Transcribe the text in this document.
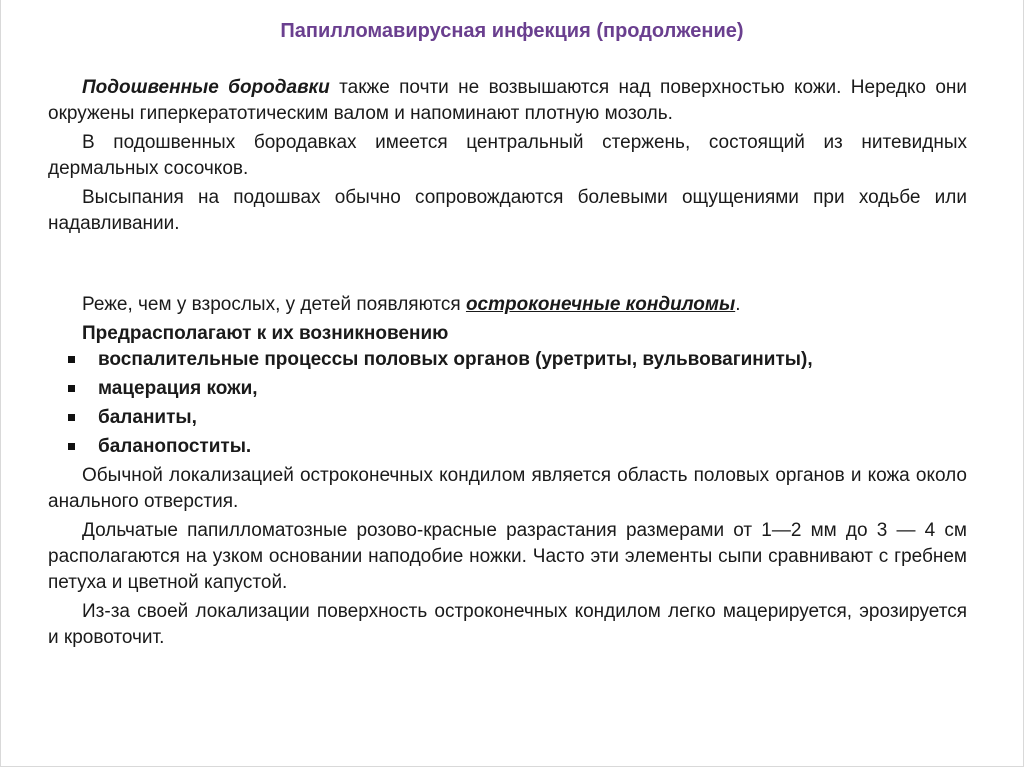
Папилломавирусная инфекция (продолжение)

Подошвенные бородавки также почти не возвышаются над поверхностью кожи. Нередко они окружены гиперкератотическим валом и напоминают плотную мозоль.

В подошвенных бородавках имеется центральный стержень, состоящий из нитевидных дермальных сосочков.

Высыпания на подошвах обычно сопровождаются болевыми ощущениями при ходьбе или надавливании.

Реже, чем у взрослых, у детей появляются остроконечные кондиломы.

Предрасполагают к их возникновению

воспалительные процессы половых органов (уретриты, вульвовагиниты),
мацерация кожи,
баланиты,
баланопоститы.

Обычной локализацией остроконечных кондилом является область половых органов и кожа около анального отверстия.

Дольчатые папилломатозные розово-красные разрастания размерами от 1—2 мм до 3 — 4 см располагаются на узком основании наподобие ножки. Часто эти элементы сыпи сравнивают с гребнем петуха и цветной капустой.

Из-за своей локализации поверхность остроконечных кондилом легко мацерируется, эрозируется и кровоточит.
